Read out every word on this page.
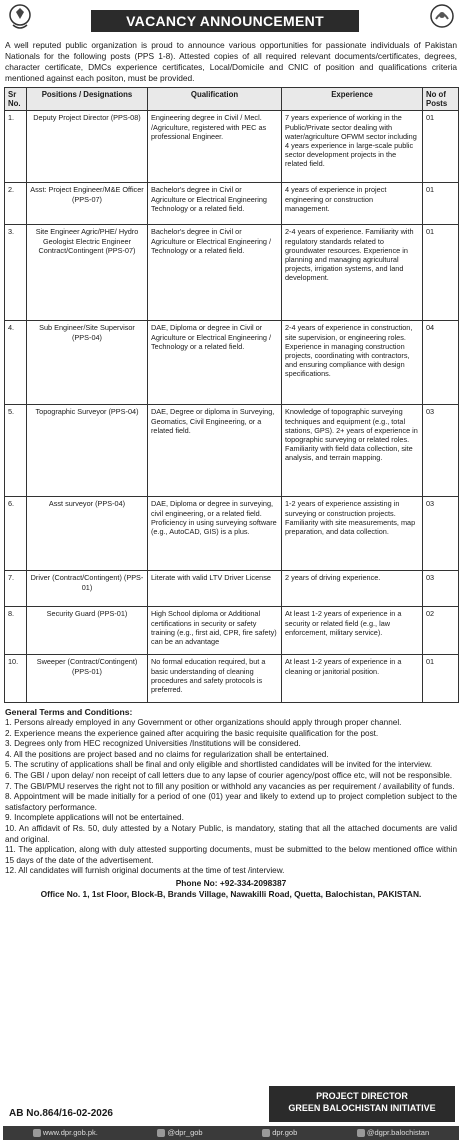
VACANCY ANNOUNCEMENT
A well reputed public organization is proud to announce various opportunities for passionate individuals of Pakistan Nationals for the following posts (PPS 1-8). Attested copies of all required relevant documents/certificates, degrees, character certificate, DMCs experience certificates, Local/Domicile and CNIC of position and qualifications criteria mentioned against each positon, must be provided.
Sr No.	Positions / Designations	Qualification	Experience	No of Posts
1.	Deputy Project Director (PPS-08)	Engineering degree in Civil / Mecl. /Agriculture, registered with PEC as professional Engineer.	7 years experience of working in the Public/Private sector dealing with water/agriculture OFWM sector including 4 years experience in large-scale public sector development projects in the related field.	01
2.	Asst: Project Engineer/M&E Officer (PPS-07)	Bachelor's degree in Civil or Agriculture or Electrical Engineering Technology or a related field.	4 years of experience in project engineering or construction management.	01
3.	Site Engineer Agric/PHE/ Hydro Geologist Electric Engineer Contract/Contingent (PPS-07)	Bachelor's degree in Civil or Agriculture or Electrical Engineering / Technology or a related field.	2-4 years of experience. Familiarity with regulatory standards related to groundwater resources. Experience in planning and managing agricultural projects, irrigation systems, and land development.	01
4.	Sub Engineer/Site Supervisor (PPS-04)	DAE, Diploma or degree in Civil or Agriculture or Electrical Engineering / Technology or a related field.	2-4 years of experience in construction, site supervision, or engineering roles. Experience in managing construction projects, coordinating with contractors, and ensuring compliance with design specifications.	04
5.	Topographic Surveyor (PPS-04)	DAE, Degree or diploma in Surveying, Geomatics, Civil Engineering, or a related field.	Knowledge of topographic surveying techniques and equipment (e.g., total stations, GPS). 2+ years of experience in topographic surveying or related roles. Familiarity with field data collection, site analysis, and terrain mapping.	03
6.	Asst surveyor (PPS-04)	DAE, Diploma or degree in surveying, civil engineering, or a related field. Proficiency in using surveying software (e.g., AutoCAD, GIS) is a plus.	1-2 years of experience assisting in surveying or construction projects. Familiarity with site measurements, map preparation, and data collection.	03
7.	Driver (Contract/Contingent) (PPS-01)	Literate with valid LTV Driver License	2 years of driving experience.	03
8.	Security Guard (PPS-01)	High School diploma or Additional certifications in security or safety training (e.g., first aid, CPR, fire safety) can be an advantage	At least 1-2 years of experience in a security or related field (e.g., law enforcement, military service).	02
10.	Sweeper (Contract/Contingent) (PPS-01)	No formal education required, but a basic understanding of cleaning procedures and safety protocols is preferred.	At least 1-2 years of experience in a cleaning or janitorial position.	01
General Terms and Conditions:
1. Persons already employed in any Government or other organizations should apply through proper channel.
2. Experience means the experience gained after acquiring the basic requisite qualification for the post.
3. Degrees only from HEC recognized Universities /Institutions will be considered.
4. All the positions are project based and no claims for regularization shall be entertained.
5. The scrutiny of applications shall be final and only eligible and shortlisted candidates will be invited for the interview.
6. The GBI / upon delay/ non receipt of call letters due to any lapse of courier agency/post office etc, will not be responsible.
7. The GBI/PMU reserves the right not to fill any position or withhold any vacancies as per requirement / availability of funds.
8. Appointment will be made initially for a period of one (01) year and likely to extend up to project completion subject to the satisfactory performance.
9. Incomplete applications will not be entertained.
10. An affidavit of Rs. 50, duly attested by a Notary Public, is mandatory, stating that all the attached documents are valid and original.
11. The application, along with duly attested supporting documents, must be submitted to the below mentioned office within 15 days of the date of the advertisement.
12. All candidates will furnish original documents at the time of test /interview.
Phone No: +92-334-2098387
Office No. 1, 1st Floor, Block-B, Brands Village, Nawakilli Road, Quetta, Balochistan, PAKISTAN.
AB No.864/16-02-2026
PROJECT DIRECTOR
GREEN BALOCHISTAN INITIATIVE
www.dpr.gob.pk.	@dpr_gob	dpr.gob	@dgpr.balochistan
